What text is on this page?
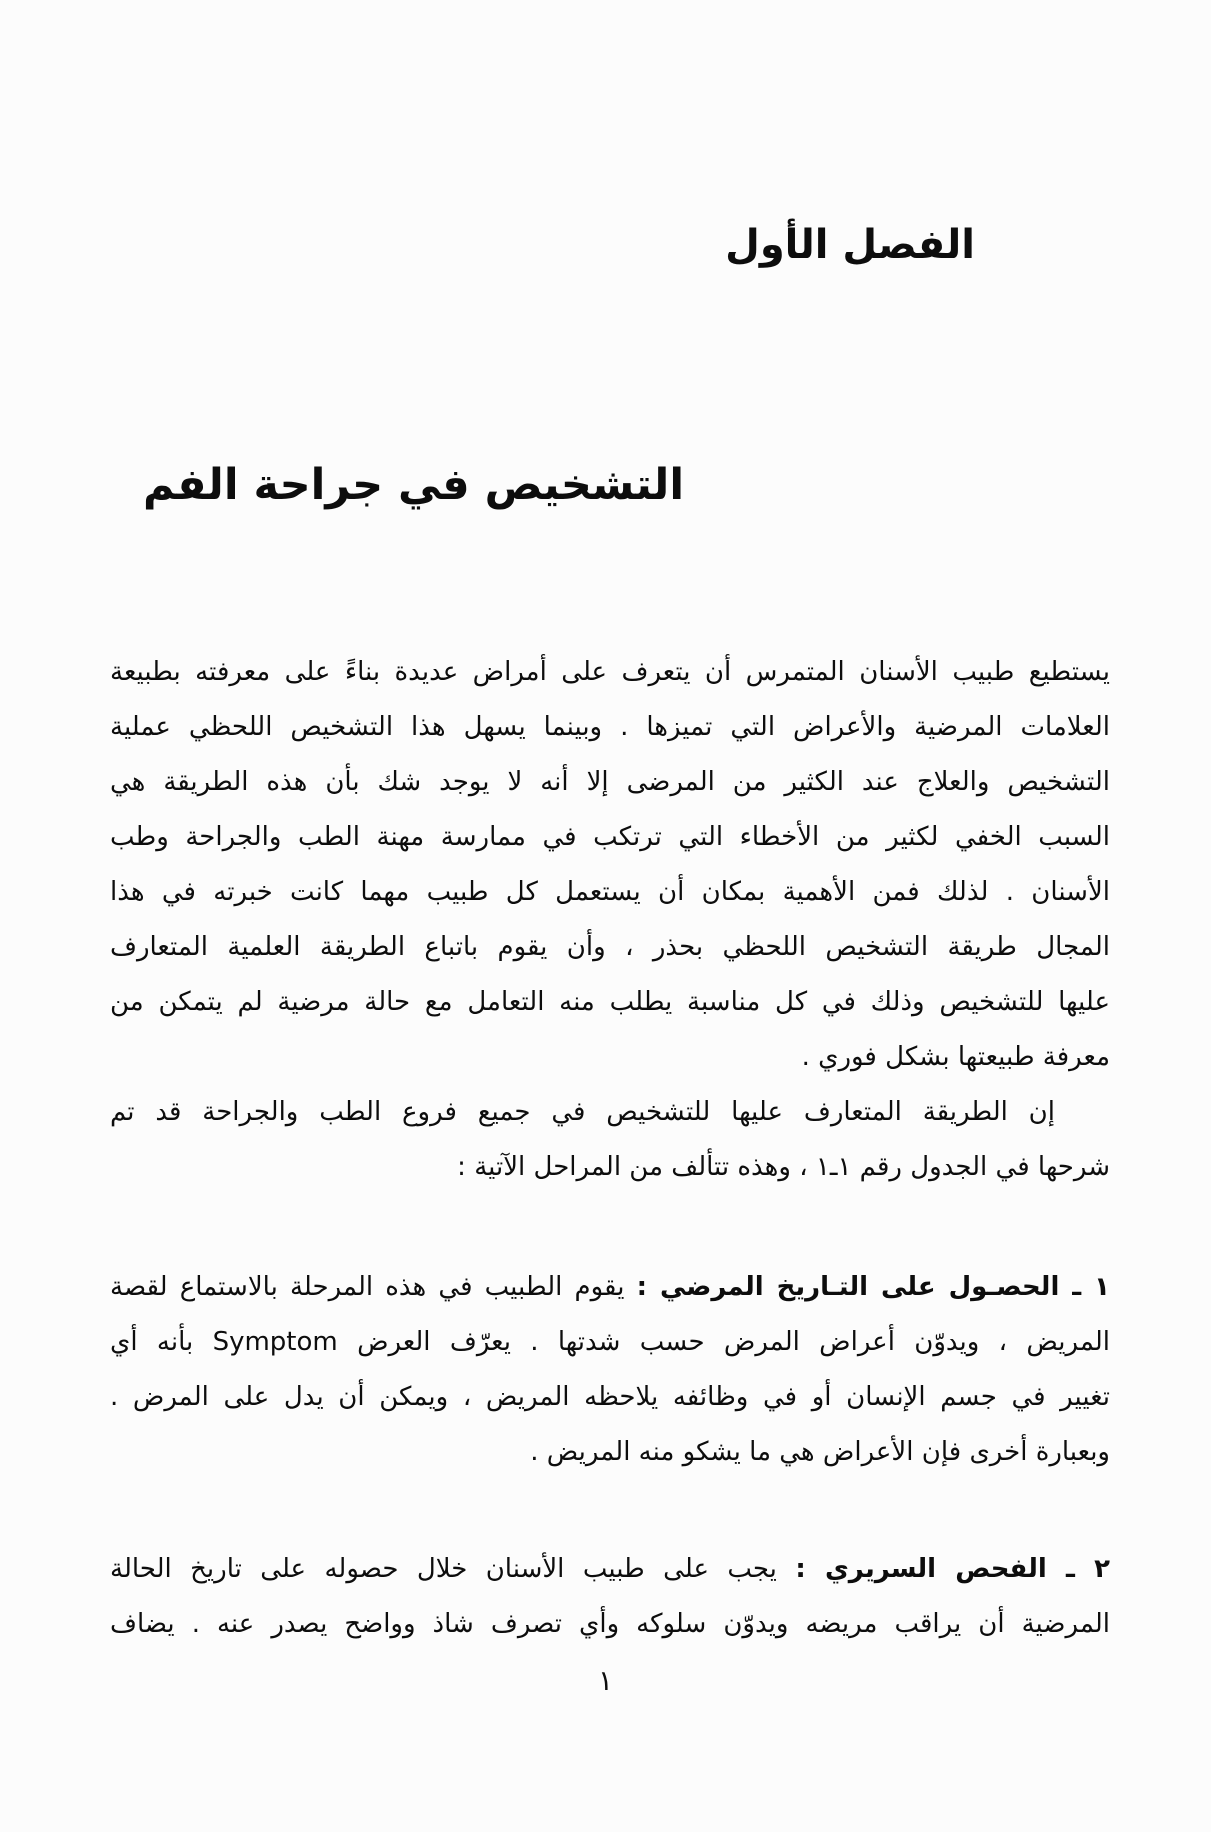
الفصل الأول
التشخيص في جراحة الفم
يستطيع طبيب الأسنان المتمرس أن يتعرف على أمراض عديدة بناءً على معرفته بطبيعة
العلامات المرضية والأعراض التي تميزها . وبينما يسهل هذا التشخيص اللحظي عملية
التشخيص والعلاج عند الكثير من المرضى إلا أنه لا يوجد شك بأن هذه الطريقة هي
السبب الخفي لكثير من الأخطاء التي ترتكب في ممارسة مهنة الطب والجراحة وطب
الأسنان . لذلك فمن الأهمية بمكان أن يستعمل كل طبيب مهما كانت خبرته في هذا
المجال طريقة التشخيص اللحظي بحذر ، وأن يقوم باتباع الطريقة العلمية المتعارف
عليها للتشخيص وذلك في كل مناسبة يطلب منه التعامل مع حالة مرضية لم يتمكن من
معرفة طبيعتها بشكل فوري .
إن الطريقة المتعارف عليها للتشخيص في جميع فروع الطب والجراحة قد تم
شرحها في الجدول رقم ١ـ١ ، وهذه تتألف من المراحل الآتية :
١ ـ الحصـول على التـاريخ المرضي : يقوم الطبيب في هذه المرحلة بالاستماع لقصة
المريض ، ويدوّن أعراض المرض حسب شدتها . يعرّف العرض Symptom بأنه أي
تغيير في جسم الإنسان أو في وظائفه يلاحظه المريض ، ويمكن أن يدل على المرض .
وبعبارة أخرى فإن الأعراض هي ما يشكو منه المريض .
٢ ـ الفحص السريري : يجب على طبيب الأسنان خلال حصوله على تاريخ الحالة
المرضية أن يراقب مريضه ويدوّن سلوكه وأي تصرف شاذ وواضح يصدر عنه . يضاف
١
